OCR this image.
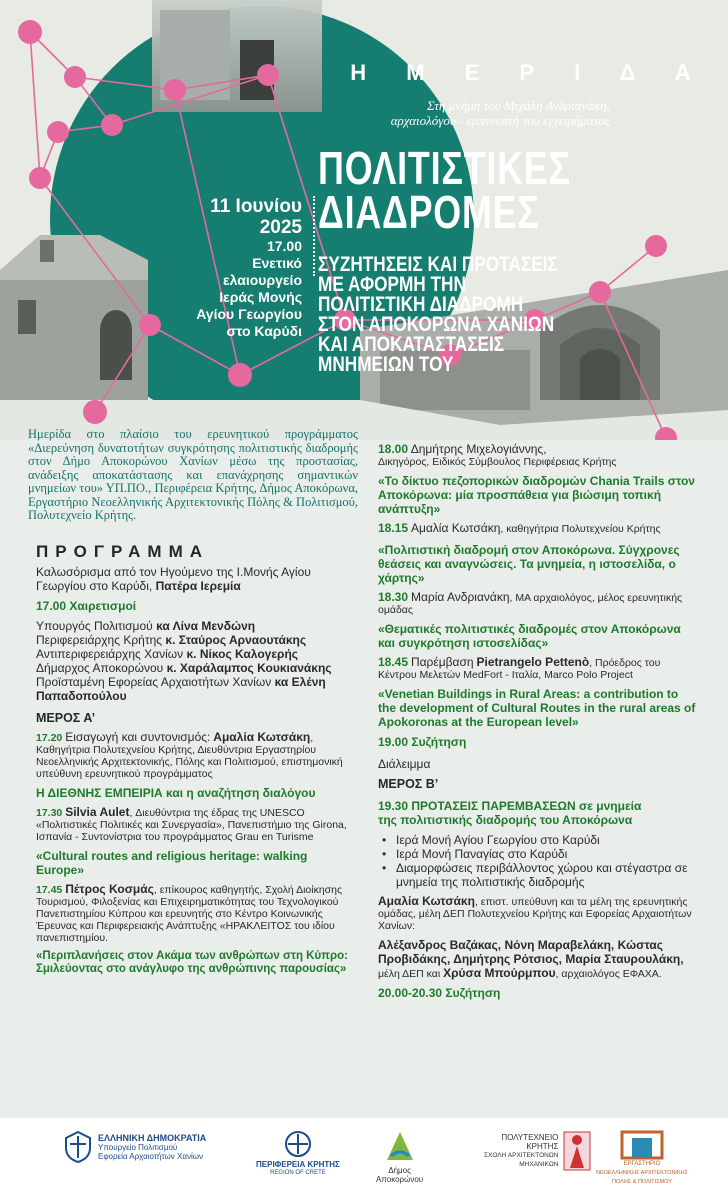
Η Μ Ε Ρ Ι Δ Α
Στη μνήμη του Μιχάλη Ανδριανάκη,
αρχαιολόγου - εμπνευστή του εγχειρήματος
ΠΟΛΙΤΙΣΤΙΚΕΣ
ΔΙΑΔΡΟΜΕΣ
11 Ιουνίου
2025
17.00
Ενετικό
ελαιουργείο
Ιεράς Μονής
Αγίου Γεωργίου
στο Καρύδι
ΣΥΖΗΤΗΣΕΙΣ ΚΑΙ ΠΡΟΤΑΣΕΙΣ
ΜΕ ΑΦΟΡΜΗ ΤΗΝ
ΠΟΛΙΤΙΣΤΙΚΗ ΔΙΑΔΡΟΜΗ
ΣΤΟΝ ΑΠΟΚΟΡΩΝΑ ΧΑΝΙΩΝ
ΚΑΙ ΑΠΟΚΑΤΑΣΤΑΣΕΙΣ
ΜΝΗΜΕΙΩΝ ΤΟΥ
Ημερίδα στο πλαίσιο του ερευνητικού προγράμματος «Διερεύνηση δυνατοτήτων συγκρότησης πολιτιστικής διαδρομής στον Δήμο Αποκορώνου Χανίων μέσω της προστασίας, ανάδειξης αποκατάστασης και επανάχρησης σημαντικών μνημείων του» ΥΠ.ΠΟ., Περιφέρεια Κρήτης, Δήμος Αποκόρωνα, Εργαστήριο Νεοελληνικής Αρχιτεκτονικής Πόλης & Πολιτισμού, Πολυτεχνείο Κρήτης.
ΠΡΟΓΡΑΜΜΑ
Καλωσόρισμα από τον Ηγούμενο της Ι.Μονής Αγίου Γεωργίου στο Καρύδι, Πατέρα Ιερεμία
17.00 Χαιρετισμοί
Υπουργός Πολιτισμού κα Λίνα Μενδώνη
Περιφερειάρχης Κρήτης κ. Σταύρος Αρναουτάκης
Αντιπεριφερειάρχης Χανίων κ. Νίκος Καλογερής
Δήμαρχος Αποκορώνου κ. Χαράλαμπος Κουκιανάκης
Προϊσταμένη Εφορείας Αρχαιοτήτων Χανίων κα Ελένη Παπαδοπούλου
ΜΕΡΟΣ Α’
17.20 Εισαγωγή και συντονισμός: Αμαλία Κωτσάκη, Καθηγήτρια Πολυτεχνείου Κρήτης, Διευθύντρια Εργαστηρίου Νεοελληνικής Αρχιτεκτονικής, Πόλης και Πολιτισμού, επιστημονική υπεύθυνη ερευνητικού προγράμματος
Η ΔΙΕΘΝΗΣ ΕΜΠΕΙΡΙΑ και η αναζήτηση διαλόγου
17.30 Silvia Aulet, Διευθύντρια της έδρας της UNESCO «Πολιτιστικές Πολιτικές και Συνεργασία», Πανεπιστήμιο της Girona, Ισπανία - Συντονίστρια του προγράμματος Grau en Turisme
«Cultural routes and religious heritage: walking Europe»
17.45 Πέτρος Κοσμάς, επίκουρος καθηγητής, Σχολή Διοίκησης Τουρισμού, Φιλοξενίας και Επιχειρηματικότητας του Τεχνολογικού Πανεπιστημίου Κύπρου και ερευνητής στο Κέντρο Κοινωνικής Έρευνας και Περιφερειακής Ανάπτυξης «ΗΡΑΚΛΕΙΤΟΣ του ιδίου πανεπιστημίου.
«Περιπλανήσεις στον Ακάμα των ανθρώπων στη Κύπρο: Σμιλεύοντας στο ανάγλυφο της ανθρώπινης παρουσίας»
18.00 Δημήτρης Μιχελογιάννης,
Δικηγόρος, Ειδικός Σύμβουλος Περιφέρειας Κρήτης
«Το δίκτυο πεζοπορικών διαδρομών Chania Trails στον Αποκόρωνα: μία προσπάθεια για βιώσιμη τοπική ανάπτυξη»
18.15 Αμαλία Κωτσάκη, καθηγήτρια Πολυτεχνείου Κρήτης
«Πολιτιστική διαδρομή στον Αποκόρωνα. Σύγχρονες θεάσεις και αναγνώσεις. Τα μνημεία, η ιστοσελίδα, ο χάρτης»
18.30 Μαρία Ανδριανάκη, MA αρχαιολόγος, μέλος ερευνητικής ομάδας
«Θεματικές πολιτιστικές διαδρομές στον Αποκόρωνα και συγκρότηση ιστοσελίδας»
18.45 Παρέμβαση Pietrangelo Pettenò, Πρόεδρος του Κέντρου Μελετών MedFort - Ιταλία, Marco Polo Project
«Venetian Buildings in Rural Areas: a contribution to the development of Cultural Routes in the rural areas of Apokoronas at the European level»
19.00 Συζήτηση
Διάλειμμα
ΜΕΡΟΣ Β’
19.30 ΠΡΟΤΑΣΕΙΣ ΠΑΡΕΜΒΑΣΕΩΝ σε μνημεία
της πολιτιστικής διαδρομής του Αποκόρωνα
• Ιερά Μονή Αγίου Γεωργίου στο Καρύδι
• Ιερά Μονή Παναγίας στο Καρύδι
• Διαμορφώσεις περιβάλλοντος χώρου και στέγαστρα σε μνημεία της πολιτιστικής διαδρομής
Αμαλία Κωτσάκη, επιστ. υπεύθυνη και τα μέλη της ερευνητικής ομάδας, μέλη ΔΕΠ Πολυτεχνείου Κρήτης και Εφορείας Αρχαιοτήτων Χανίων:
Αλέξανδρος Βαζάκας, Νόνη Μαραβελάκη, Κώστας Προβιδάκης, Δημήτρης Ρότσιος, Μαρία Σταυρουλάκη, μέλη ΔΕΠ και Χρύσα Μπούρμπου, αρχαιολόγος ΕΦΑΧΑ.
20.00-20.30 Συζήτηση
ΕΛΛΗΝΙΚΗ ΔΗΜΟΚΡΑΤΙΑ
Υπουργείο Πολιτισμού
Εφορεία Αρχαιοτήτων Χανίων
ΠΕΡΙΦΕΡΕΙΑ ΚΡΗΤΗΣ
REGION OF CRETE	Δήμος
Αποκορώνου
ΠΟΛΥΤΕΧΝΕΙΟ
ΚΡΗΤΗΣ
ΣΧΟΛΗ ΑΡΧΙΤΕΚΤΟΝΩΝ
ΜΗΧΑΝΙΚΩΝ	ΕΡΓΑΣΤΗΡΙΟ
ΝΕΟΕΛΛΗΝΙΚΗΣ ΑΡΧΙΤΕΚΤΟΝΙΚΗΣ
ΠΟΛΗΣ & ΠΟΛΙΤΙΣΜΟΥ
